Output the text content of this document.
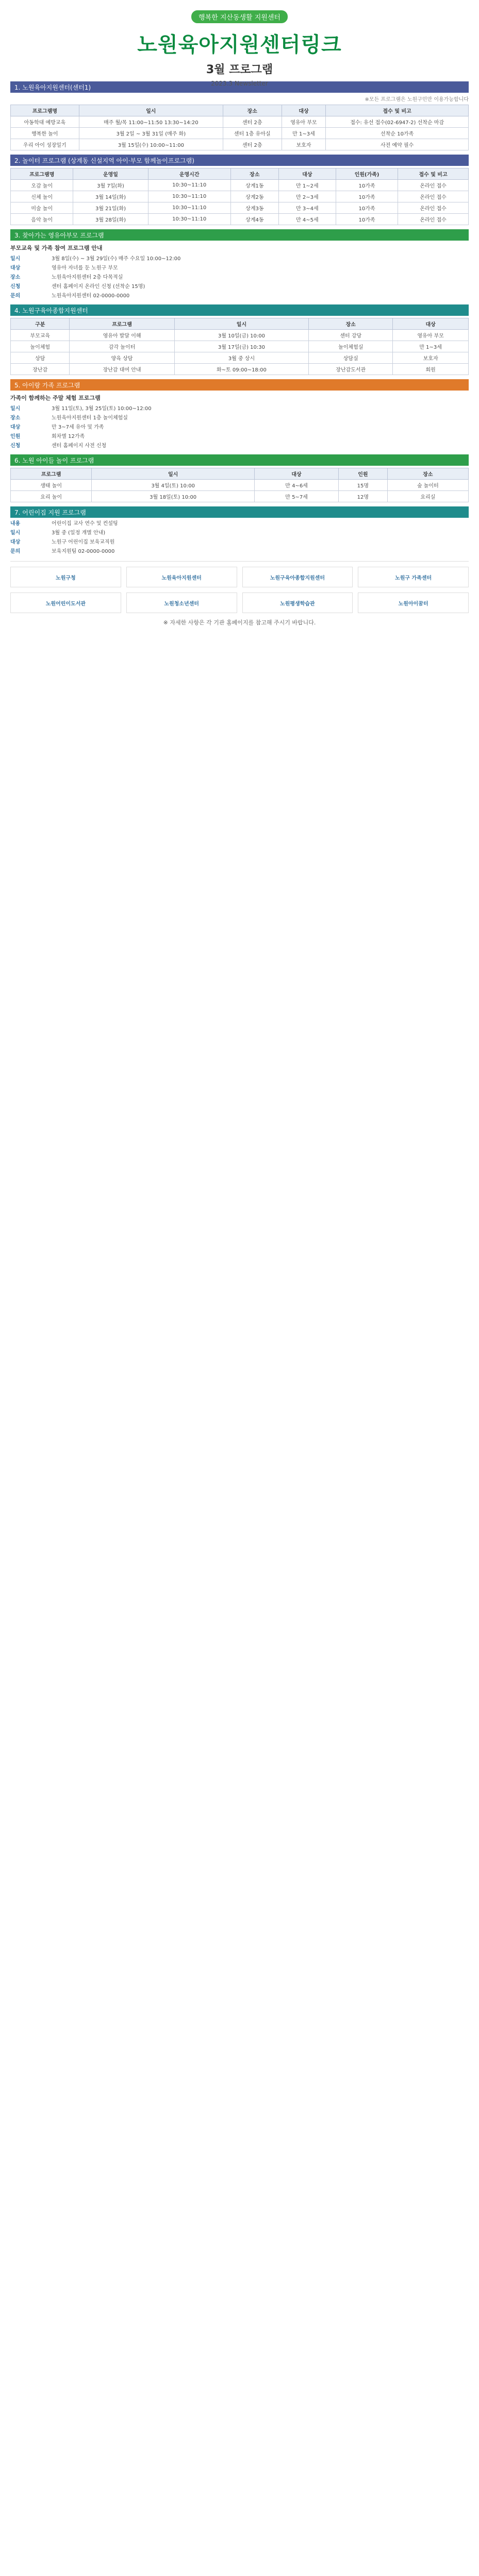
행복한 지산동생활 지원센터
노원육아지원센터링크
3월 프로그램
2023.3 Newsletter
1. 노원육아지원센터(센터1)
※모든 프로그램은 노원구민만 이용가능합니다
프로그램명	일시	장소	대상	접수 및 비고
아동학대 예방교육	매주 월/목 11:00~11:50 13:30~14:20	센터 2층	영유아 부모	접수: 유선 접수(02-6947-2) 선착순 마감
행복한 놀이	3월 2일 ~ 3월 31일 (매주 화)	센터 1층 유아실	만 1~3세	선착순 10가족
우리 아이 성장일기	3월 15일(수) 10:00~11:00	센터 2층	보호자	사전 예약 필수
2. 놀이터 프로그램 (상계동 신설지역 아이·부모 함께놀이프로그램)
프로그램명	운영일	운영시간	장소	대상	인원(가족)	접수 및 비고
오감 놀이	3월 7일(화)	10:30~11:10	상계1동	만 1~2세	10가족	온라인 접수
신체 놀이	3월 14일(화)	10:30~11:10	상계2동	만 2~3세	10가족	온라인 접수
미술 놀이	3월 21일(화)	10:30~11:10	상계3동	만 3~4세	10가족	온라인 접수
음악 놀이	3월 28일(화)	10:30~11:10	상계4동	만 4~5세	10가족	온라인 접수
3. 찾아가는 영유아부모 프로그램
부모교육 및 가족 참여 프로그램 안내
일시	3월 8일(수) ~ 3월 29일(수) 매주 수요일 10:00~12:00
대상	영유아 자녀를 둔 노원구 부모
장소	노원육아지원센터 2층 다목적실
신청	센터 홈페이지 온라인 신청 (선착순 15명)
문의	노원육아지원센터 02-0000-0000
4. 노원구육아종합지원센터
구분	프로그램	일시	장소	대상
부모교육	영유아 발달 이해	3월 10일(금) 10:00	센터 강당	영유아 부모
놀이체험	감각 놀이터	3월 17일(금) 10:30	놀이체험실	만 1~3세
상담	양육 상담	3월 중 상시	상담실	보호자
장난감	장난감 대여 안내	화~토 09:00~18:00	장난감도서관	회원
5. 아이랑 가족 프로그램
가족이 함께하는 주말 체험 프로그램
일시	3월 11일(토), 3월 25일(토) 10:00~12:00
장소	노원육아지원센터 1층 놀이체험실
대상	만 3~7세 유아 및 가족
인원	회차별 12가족
신청	센터 홈페이지 사전 신청
6. 노원 아이들 놀이 프로그램
프로그램	일시	대상	인원	장소
생태 놀이	3월 4일(토) 10:00	만 4~6세	15명	숲 놀이터
요리 놀이	3월 18일(토) 10:00	만 5~7세	12명	요리실
7. 어린이집 지원 프로그램
내용	어린이집 교사 연수 및 컨설팅
일시	3월 중 (일정 개별 안내)
대상	노원구 어린이집 보육교직원
문의	보육지원팀 02-0000-0000
노원구청	노원육아지원센터	노원구육아종합지원센터	노원구 가족센터
노원어린이도서관	노원청소년센터	노원평생학습관	노원아이꿈터
※ 자세한 사항은 각 기관 홈페이지를 참고해 주시기 바랍니다.
